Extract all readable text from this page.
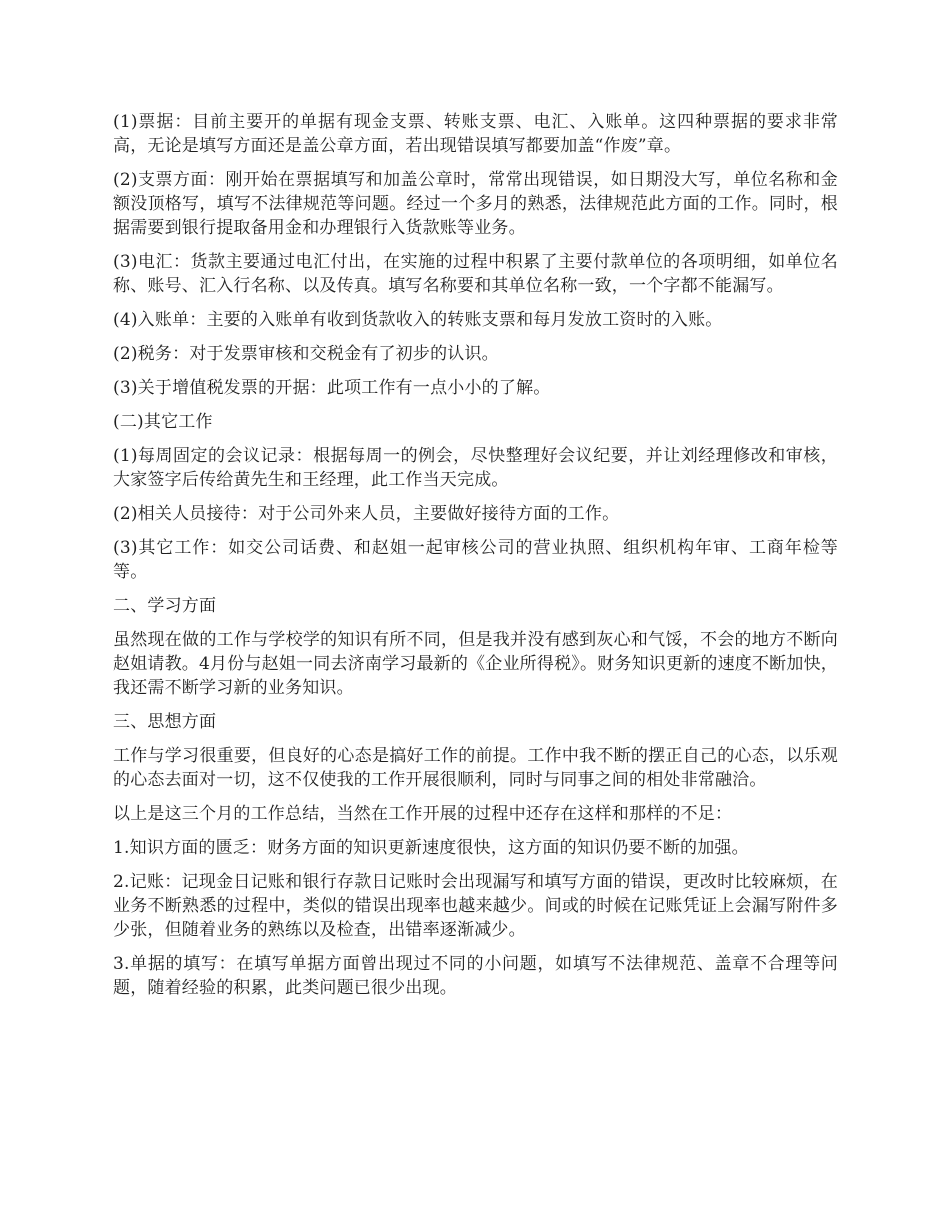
(1)票据：目前主要开的单据有现金支票、转账支票、电汇、入账单。这四种票据的要求非常高，无论是填写方面还是盖公章方面，若出现错误填写都要加盖“作废”章。

(2)支票方面：刚开始在票据填写和加盖公章时，常常出现错误，如日期没大写，单位名称和金额没顶格写，填写不法律规范等问题。经过一个多月的熟悉，法律规范此方面的工作。同时，根据需要到银行提取备用金和办理银行入货款账等业务。

(3)电汇：货款主要通过电汇付出，在实施的过程中积累了主要付款单位的各项明细，如单位名称、账号、汇入行名称、以及传真。填写名称要和其单位名称一致，一个字都不能漏写。

(4)入账单：主要的入账单有收到货款收入的转账支票和每月发放工资时的入账。

(2)税务：对于发票审核和交税金有了初步的认识。

(3)关于增值税发票的开据：此项工作有一点小小的了解。

(二)其它工作

(1)每周固定的会议记录：根据每周一的例会，尽快整理好会议纪要，并让刘经理修改和审核，大家签字后传给黄先生和王经理，此工作当天完成。

(2)相关人员接待：对于公司外来人员，主要做好接待方面的工作。

(3)其它工作：如交公司话费、和赵姐一起审核公司的营业执照、组织机构年审、工商年检等等。

二、学习方面

虽然现在做的工作与学校学的知识有所不同，但是我并没有感到灰心和气馁，不会的地方不断向赵姐请教。4月份与赵姐一同去济南学习最新的《企业所得税》。财务知识更新的速度不断加快，我还需不断学习新的业务知识。

三、思想方面

工作与学习很重要，但良好的心态是搞好工作的前提。工作中我不断的摆正自己的心态，以乐观的心态去面对一切，这不仅使我的工作开展很顺利，同时与同事之间的相处非常融洽。

以上是这三个月的工作总结，当然在工作开展的过程中还存在这样和那样的不足：

1.知识方面的匮乏：财务方面的知识更新速度很快，这方面的知识仍要不断的加强。

2.记账：记现金日记账和银行存款日记账时会出现漏写和填写方面的错误，更改时比较麻烦，在业务不断熟悉的过程中，类似的错误出现率也越来越少。间或的时候在记账凭证上会漏写附件多少张，但随着业务的熟练以及检查，出错率逐渐减少。

3.单据的填写：在填写单据方面曾出现过不同的小问题，如填写不法律规范、盖章不合理等问题，随着经验的积累，此类问题已很少出现。
